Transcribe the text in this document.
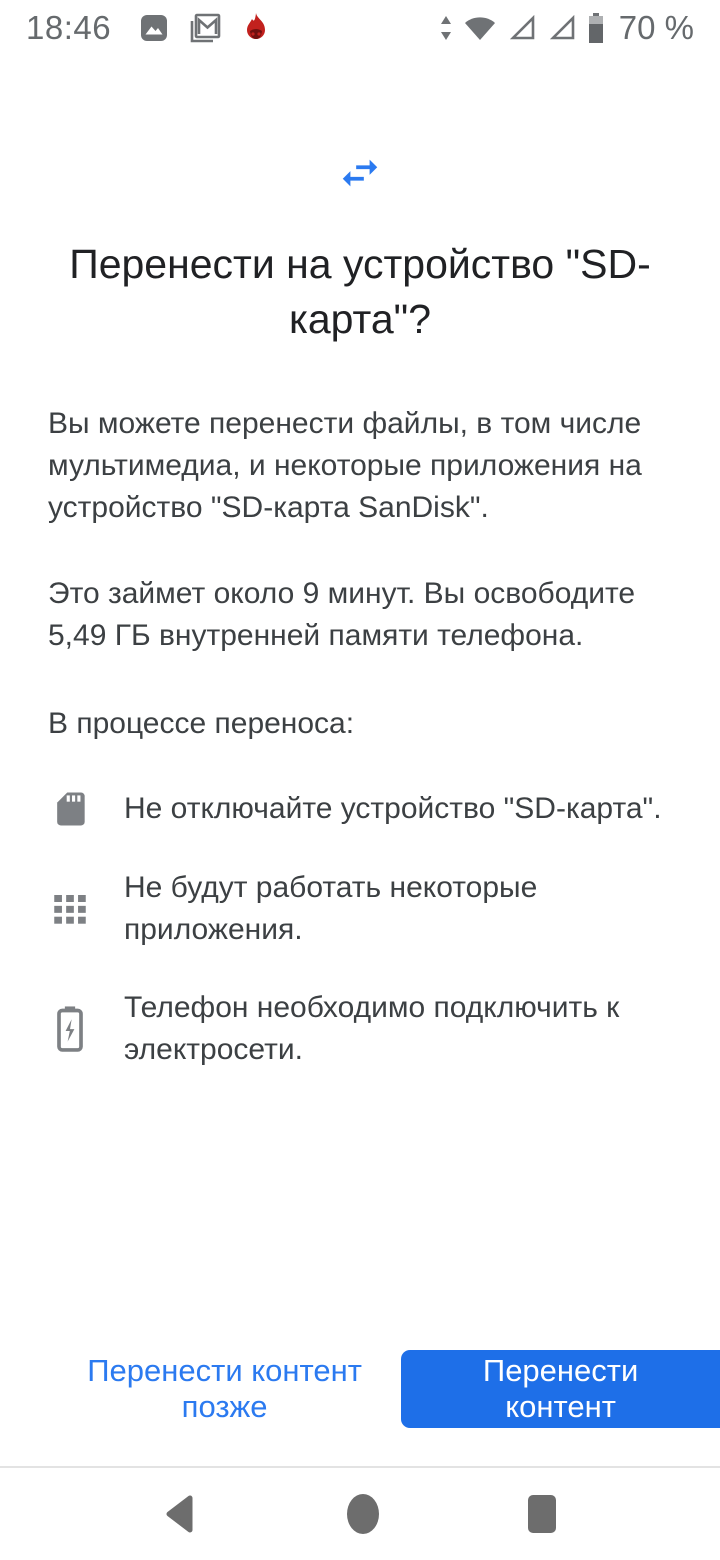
18:46	70 %
Перенести на устройство "SD-карта"?

Вы можете перенести файлы, в том числе мультимедиа, и некоторые приложения на устройство "SD-карта SanDisk".

Это займет около 9 минут. Вы освободите 5,49 ГБ внутренней памяти телефона.

В процессе переноса:

Не отключайте устройство "SD-карта".
Не будут работать некоторые приложения.
Телефон необходимо подключить к электросети.
Перенести контент позже
Перенести контент
